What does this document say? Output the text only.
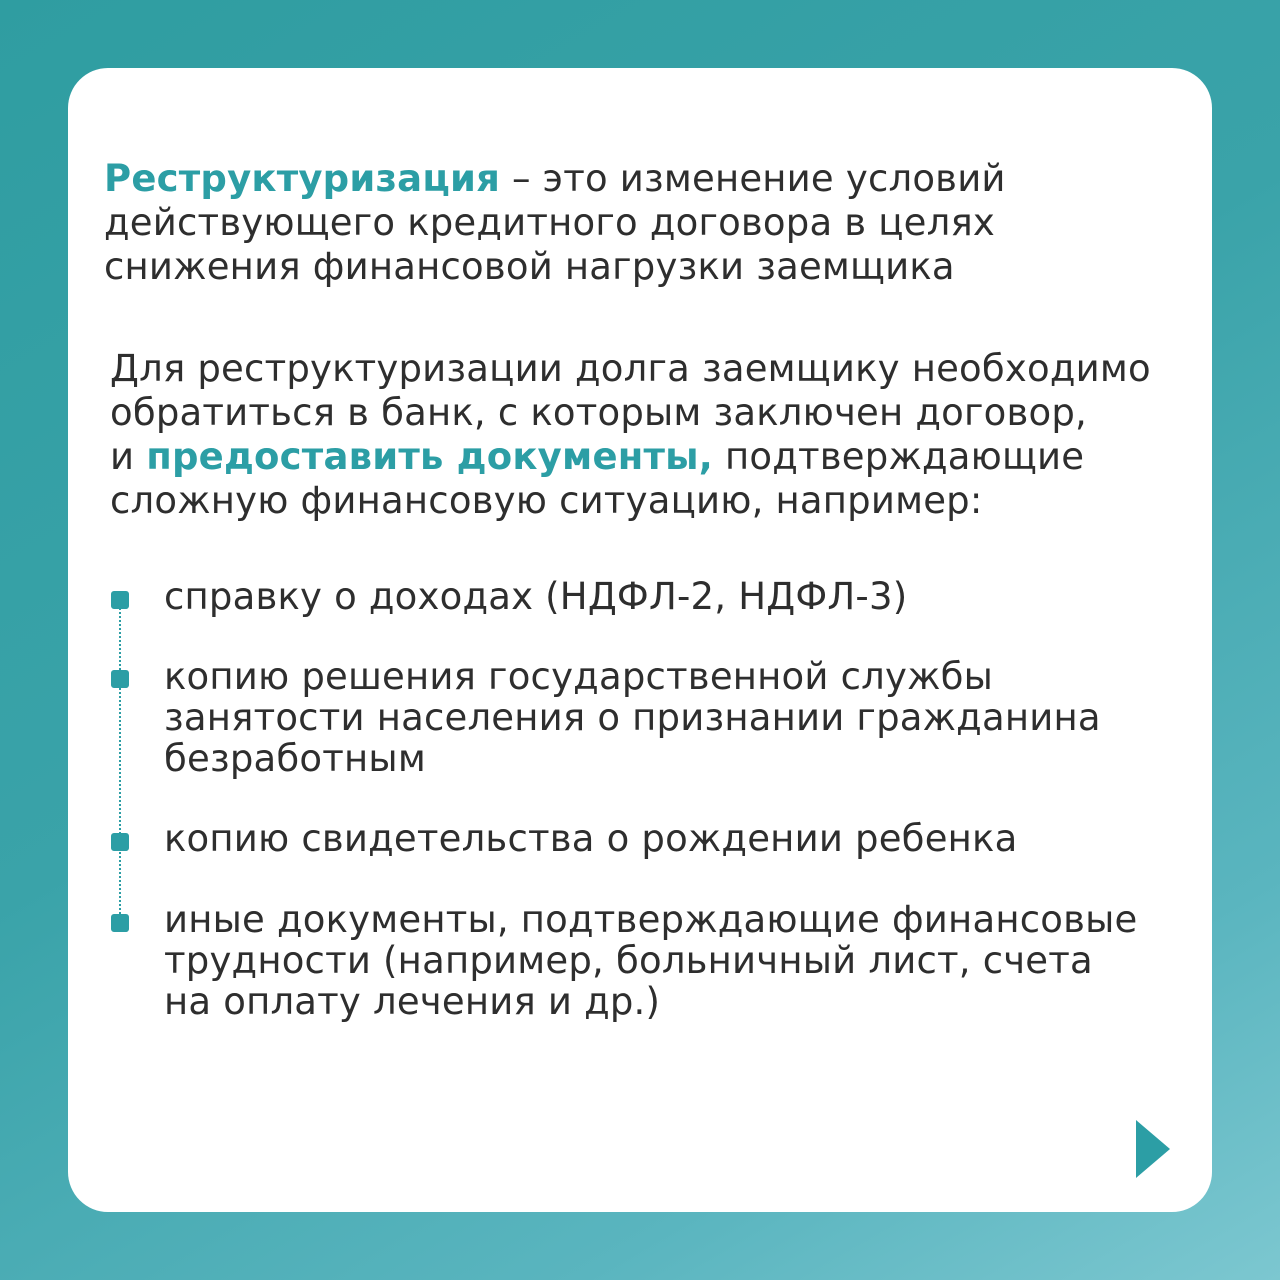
Реструктуризация – это изменение условий
действующего кредитного договора в целях
снижения финансовой нагрузки заемщика
Для реструктуризации долга заемщику необходимо
обратиться в банк, с которым заключен договор,
и предоставить документы, подтверждающие
сложную финансовую ситуацию, например:
справку о доходах (НДФЛ-2, НДФЛ-3)
копию решения государственной службы
занятости населения о признании гражданина
безработным
копию свидетельства о рождении ребенка
иные документы, подтверждающие финансовые
трудности (например, больничный лист, счета
на оплату лечения и др.)
